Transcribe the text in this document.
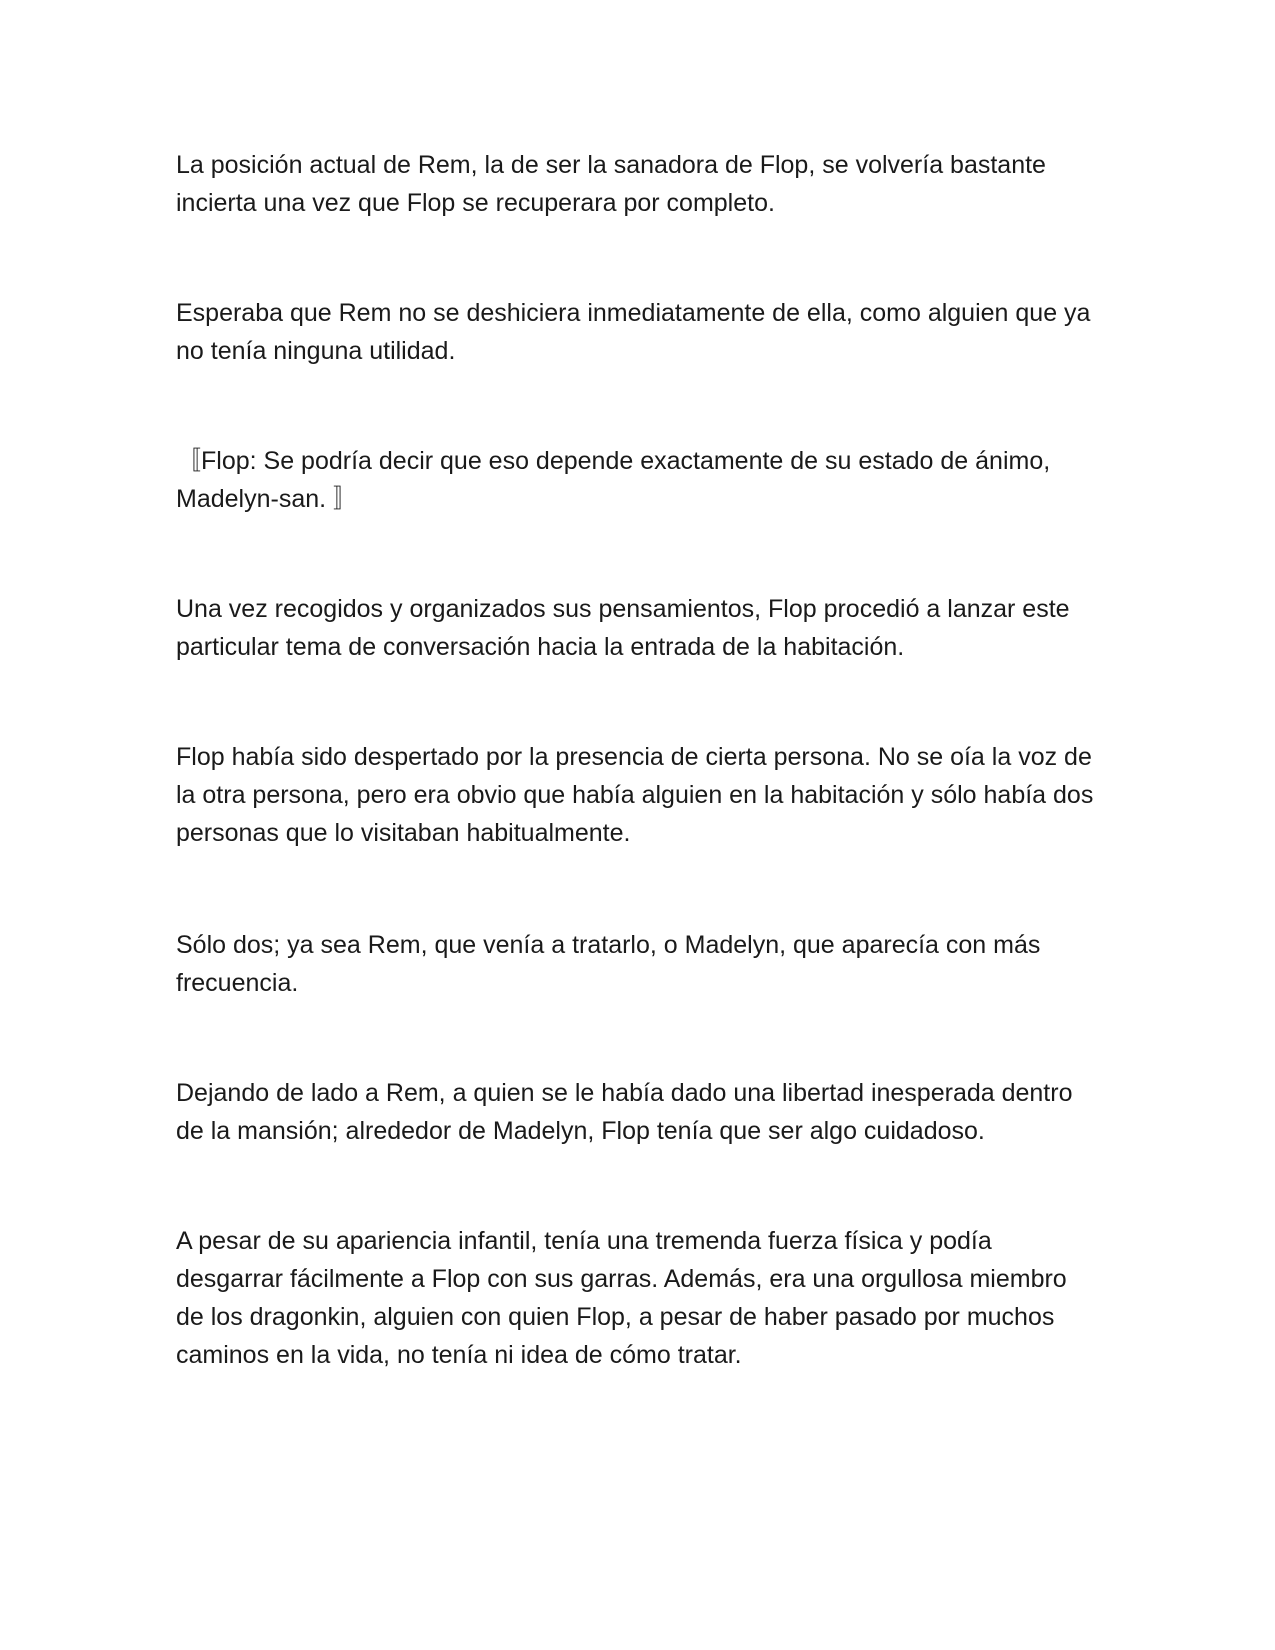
La posición actual de Rem, la de ser la sanadora de Flop, se volvería bastante incierta una vez que Flop se recuperara por completo.

Esperaba que Rem no se deshiciera inmediatamente de ella, como alguien que ya no tenía ninguna utilidad.

〚Flop: Se podría decir que eso depende exactamente de su estado de ánimo, Madelyn-san. 〛

Una vez recogidos y organizados sus pensamientos, Flop procedió a lanzar este particular tema de conversación hacia la entrada de la habitación.

Flop había sido despertado por la presencia de cierta persona. No se oía la voz de la otra persona, pero era obvio que había alguien en la habitación y sólo había dos personas que lo visitaban habitualmente.

Sólo dos; ya sea Rem, que venía a tratarlo, o Madelyn, que aparecía con más frecuencia.

Dejando de lado a Rem, a quien se le había dado una libertad inesperada dentro de la mansión; alrededor de Madelyn, Flop tenía que ser algo cuidadoso.

A pesar de su apariencia infantil, tenía una tremenda fuerza física y podía desgarrar fácilmente a Flop con sus garras. Además, era una orgullosa miembro de los dragonkin, alguien con quien Flop, a pesar de haber pasado por muchos caminos en la vida, no tenía ni idea de cómo tratar.
